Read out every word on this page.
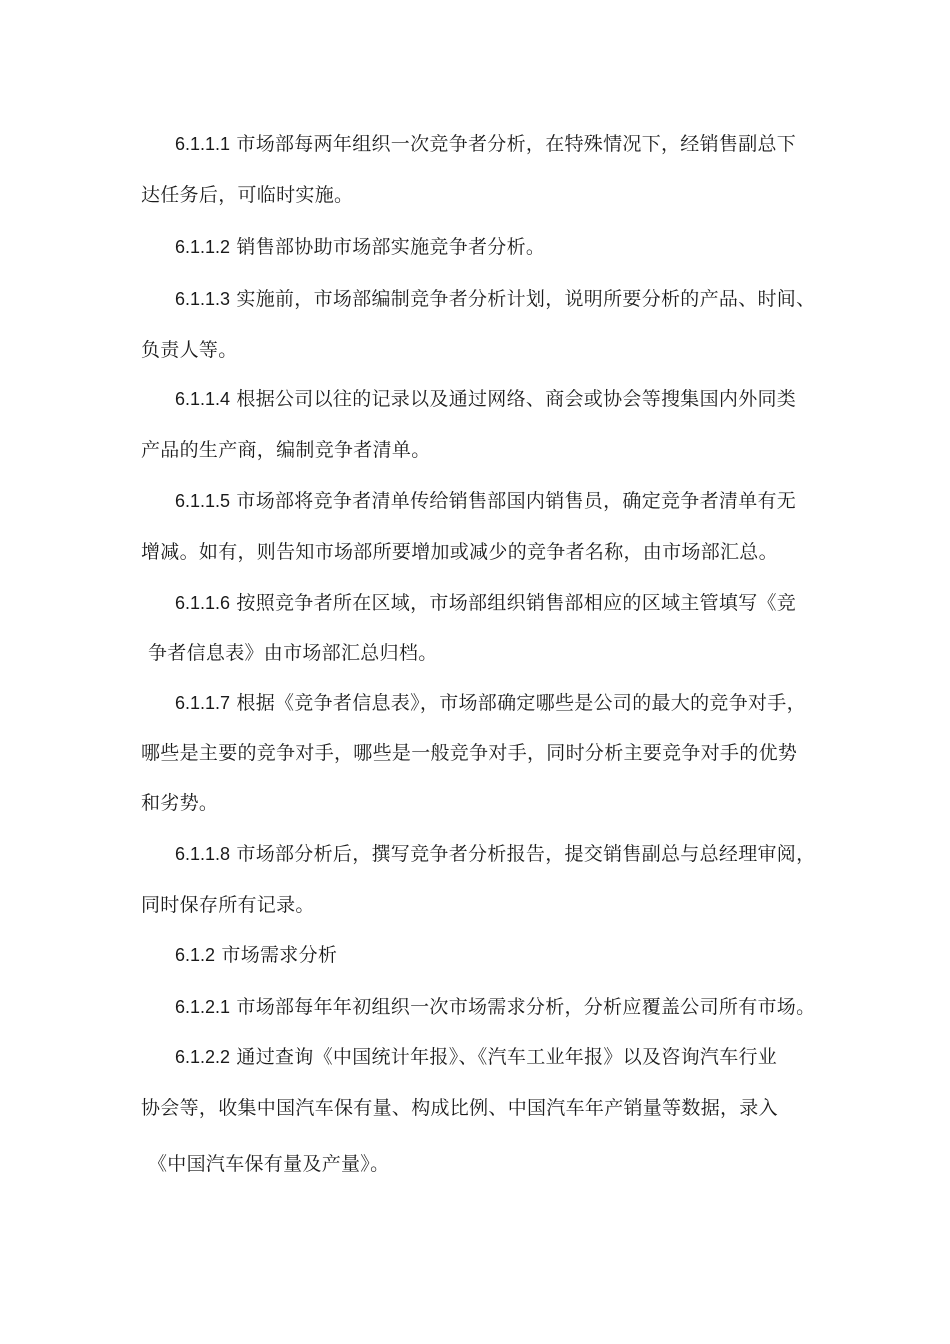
6.1.1.1 市场部每两年组织一次竞争者分析，在特殊情况下，经销售副总下
达任务后，可临时实施。
6.1.1.2 销售部协助市场部实施竞争者分析。
6.1.1.3 实施前，市场部编制竞争者分析计划，说明所要分析的产品、时间、
负责人等。
6.1.1.4 根据公司以往的记录以及通过网络、商会或协会等搜集国内外同类
产品的生产商，编制竞争者清单。
6.1.1.5 市场部将竞争者清单传给销售部国内销售员，确定竞争者清单有无
增减。如有，则告知市场部所要增加或减少的竞争者名称，由市场部汇总。
6.1.1.6 按照竞争者所在区域，市场部组织销售部相应的区域主管填写《竞
争者信息表》由市场部汇总归档。
6.1.1.7 根据《竞争者信息表》，市场部确定哪些是公司的最大的竞争对手，
哪些是主要的竞争对手，哪些是一般竞争对手，同时分析主要竞争对手的优势
和劣势。
6.1.1.8 市场部分析后，撰写竞争者分析报告，提交销售副总与总经理审阅，
同时保存所有记录。
6.1.2 市场需求分析
6.1.2.1 市场部每年年初组织一次市场需求分析，分析应覆盖公司所有市场。
6.1.2.2 通过查询《中国统计年报》、《汽车工业年报》以及咨询汽车行业
协会等，收集中国汽车保有量、构成比例、中国汽车年产销量等数据，录入
《中国汽车保有量及产量》。
